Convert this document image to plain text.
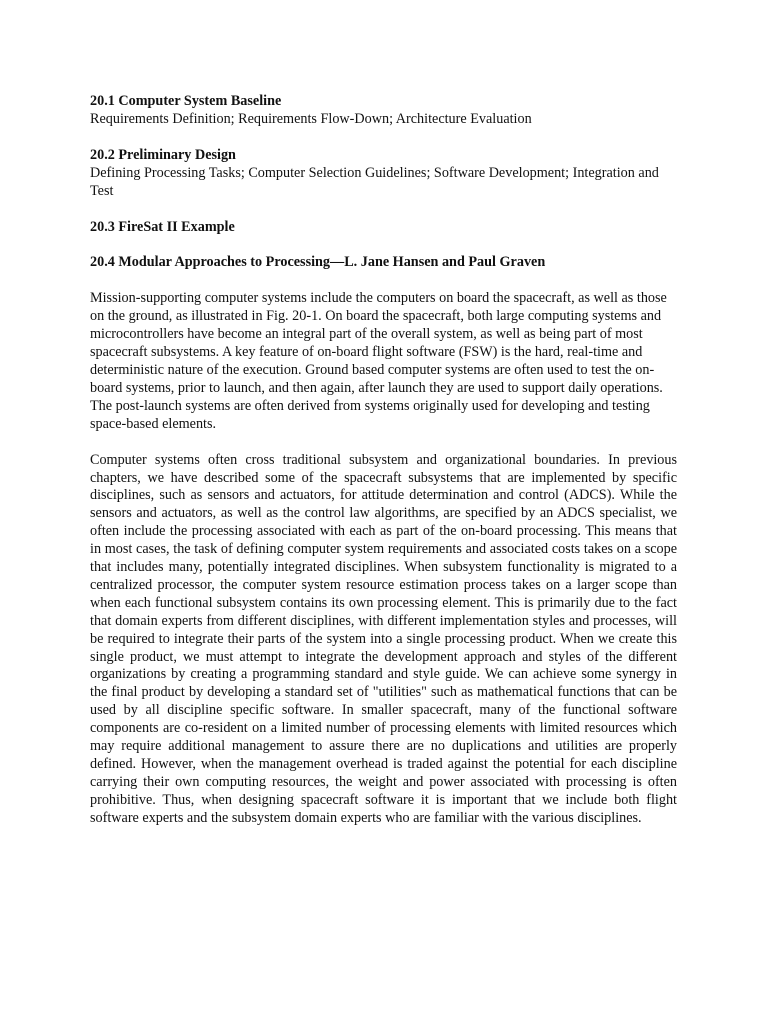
20.1 Computer System Baseline
Requirements Definition; Requirements Flow-Down; Architecture Evaluation
20.2 Preliminary Design
Defining Processing Tasks; Computer Selection Guidelines; Software Development; Integration and Test
20.3 FireSat II Example
20.4 Modular Approaches to Processing—L. Jane Hansen and Paul Graven

Mission-supporting computer systems include the computers on board the spacecraft, as well as those on the ground, as illustrated in Fig. 20-1. On board the spacecraft, both large computing systems and microcontrollers have become an integral part of the overall system, as well as being part of most spacecraft subsystems. A key feature of on-board flight software (FSW) is the hard, real-time and deterministic nature of the execution. Ground based computer systems are often used to test the on-board systems, prior to launch, and then again, after launch they are used to support daily operations. The post-launch systems are often derived from systems originally used for developing and testing space-based elements.

Computer systems often cross traditional subsystem and organizational boundaries. In previous chapters, we have described some of the spacecraft subsystems that are implemented by specific disciplines, such as sensors and actuators, for attitude determination and control (ADCS). While the sensors and actuators, as well as the control law algorithms, are specified by an ADCS specialist, we often include the processing associated with each as part of the on-board processing. This means that in most cases, the task of defining computer system requirements and associated costs takes on a scope that includes many, potentially integrated disciplines. When subsystem functionality is migrated to a centralized processor, the computer system resource estimation process takes on a larger scope than when each functional subsystem contains its own processing element. This is primarily due to the fact that domain experts from different disciplines, with different implementation styles and processes, will be required to integrate their parts of the system into a single processing product. When we create this single product, we must attempt to integrate the development approach and styles of the different organizations by creating a programming standard and style guide. We can achieve some synergy in the final product by developing a standard set of "utilities" such as mathematical functions that can be used by all discipline specific software. In smaller spacecraft, many of the functional software components are co-resident on a limited number of processing elements with limited resources which may require additional management to assure there are no duplications and utilities are properly defined. However, when the management overhead is traded against the potential for each discipline carrying their own computing resources, the weight and power associated with processing is often prohibitive. Thus, when designing spacecraft software it is important that we include both flight software experts and the subsystem domain experts who are familiar with the various disciplines.
